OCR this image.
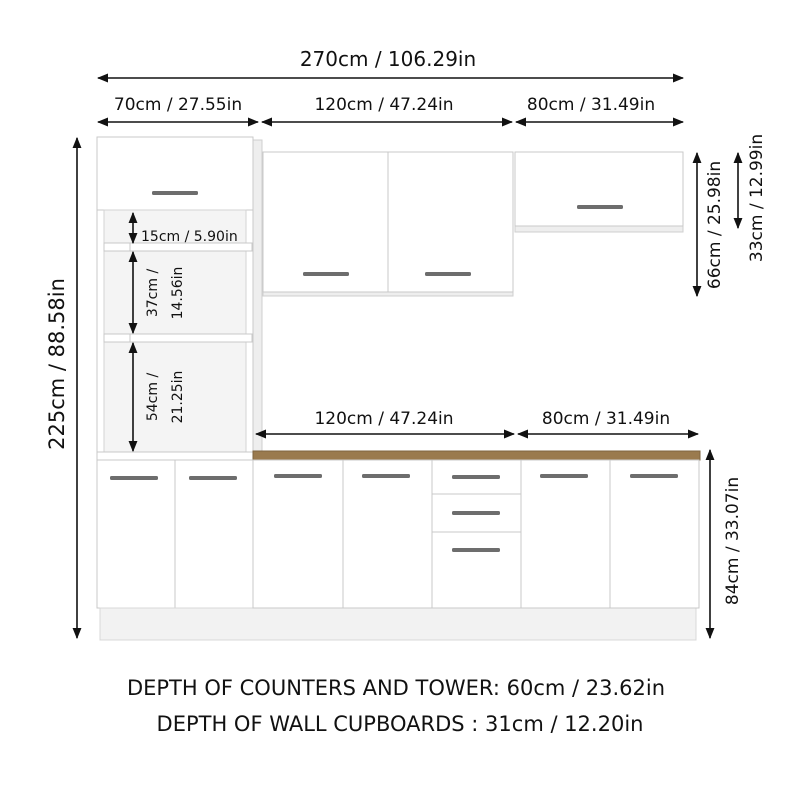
270cm / 106.29in
70cm / 27.55in	120cm / 47.24in	80cm / 31.49in
120cm / 47.24in	80cm / 31.49in
225cm / 88.58in
66cm / 25.98in 33cm / 12.99in
84cm / 33.07in
15cm / 5.90in
37cm / 14.56in
54cm / 21.25in
DEPTH OF COUNTERS AND TOWER: 60cm / 23.62in
DEPTH OF WALL CUPBOARDS : 31cm / 12.20in
